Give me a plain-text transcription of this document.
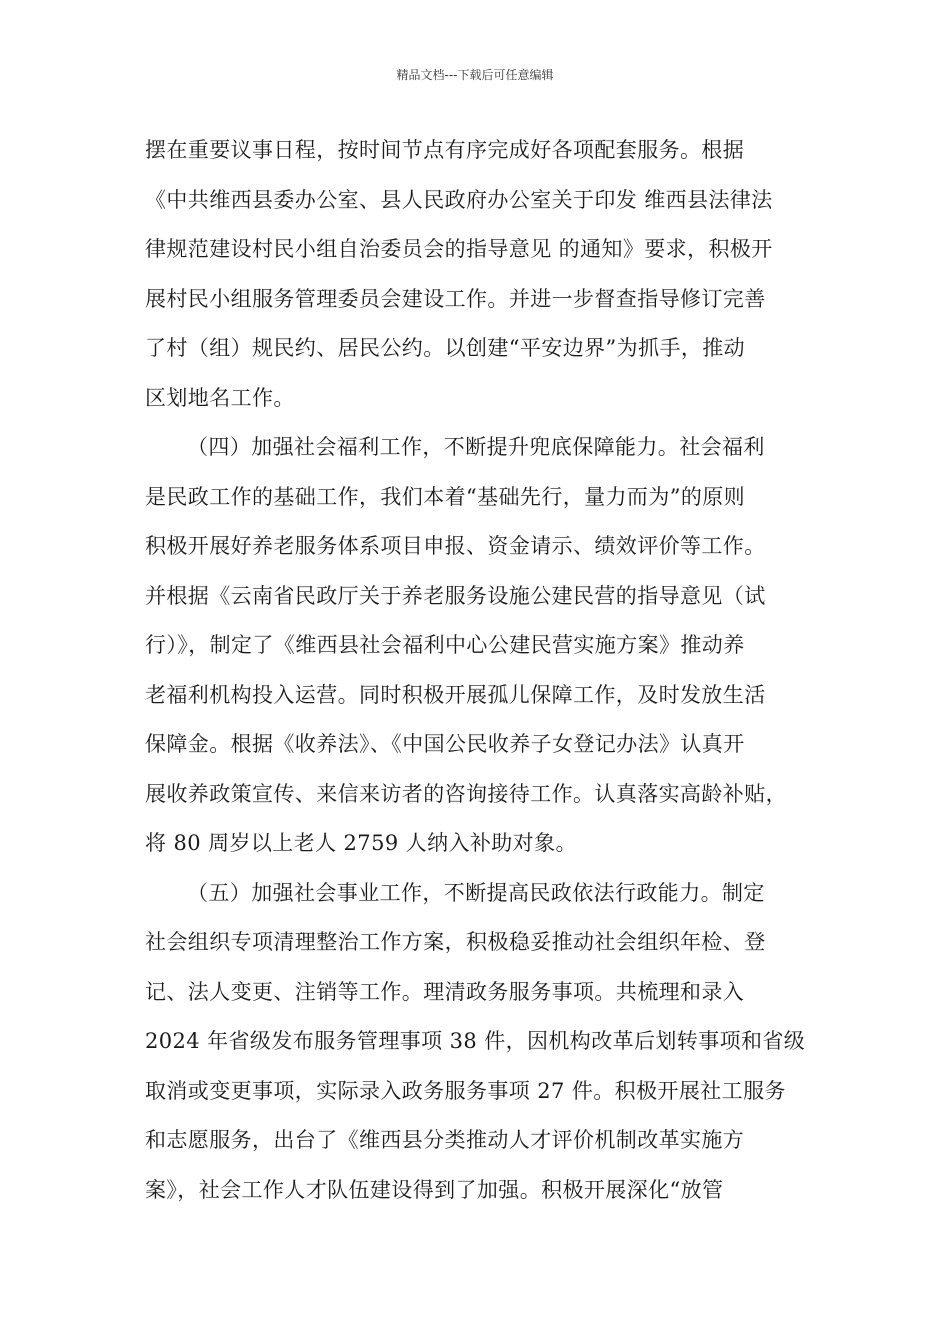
精品文档---下载后可任意编辑
摆在重要议事日程，按时间节点有序完成好各项配套服务。根据
《中共维西县委办公室、县人民政府办公室关于印发 维西县法律法
律规范建设村民小组自治委员会的指导意见 的通知》要求，积极开
展村民小组服务管理委员会建设工作。并进一步督查指导修订完善
了村（组）规民约、居民公约。以创建“平安边界”为抓手，推动
区划地名工作。
（四）加强社会福利工作，不断提升兜底保障能力。社会福利
是民政工作的基础工作，我们本着“基础先行，量力而为”的原则
积极开展好养老服务体系项目申报、资金请示、绩效评价等工作。
并根据《云南省民政厅关于养老服务设施公建民营的指导意见（试
行）》，制定了《维西县社会福利中心公建民营实施方案》推动养
老福利机构投入运营。同时积极开展孤儿保障工作，及时发放生活
保障金。根据《收养法》、《中国公民收养子女登记办法》认真开
展收养政策宣传、来信来访者的咨询接待工作。认真落实高龄补贴，
将 80 周岁以上老人 2759 人纳入补助对象。
（五）加强社会事业工作，不断提高民政依法行政能力。制定
社会组织专项清理整治工作方案，积极稳妥推动社会组织年检、登
记、法人变更、注销等工作。理清政务服务事项。共梳理和录入
2024 年省级发布服务管理事项 38 件，因机构改革后划转事项和省级
取消或变更事项，实际录入政务服务事项 27 件。积极开展社工服务
和志愿服务，出台了《维西县分类推动人才评价机制改革实施方
案》，社会工作人才队伍建设得到了加强。积极开展深化“放管
